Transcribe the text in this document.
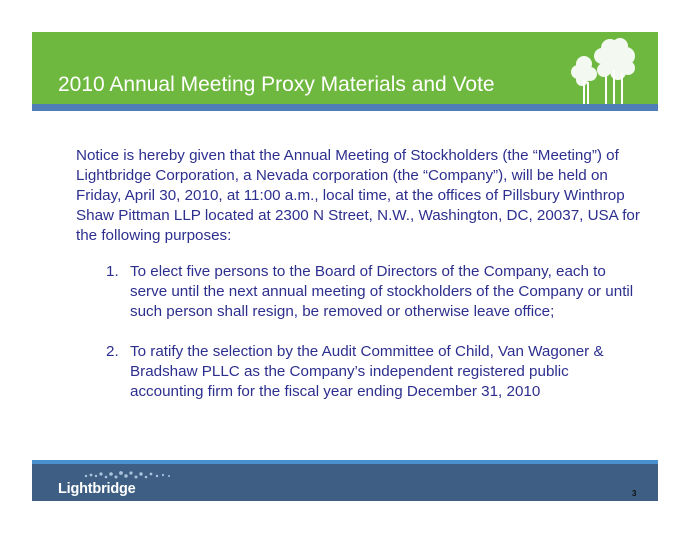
2010 Annual Meeting Proxy Materials and Vote
Notice is hereby given that the Annual Meeting of Stockholders (the “Meeting”) of Lightbridge Corporation, a Nevada corporation (the “Company”), will be held on Friday, April 30, 2010, at 11:00 a.m., local time, at the offices of Pillsbury Winthrop Shaw Pittman LLP located at 2300 N Street, N.W., Washington, DC, 20037, USA for the following purposes:
1. To elect five persons to the Board of Directors of the Company, each to serve until the next annual meeting of stockholders of the Company or until such person shall resign, be removed or otherwise leave office;
2. To ratify the selection by the Audit Committee of Child, Van Wagoner & Bradshaw PLLC as the Company’s independent registered public accounting firm for the fiscal year ending December 31, 2010
Lightbridge	3
